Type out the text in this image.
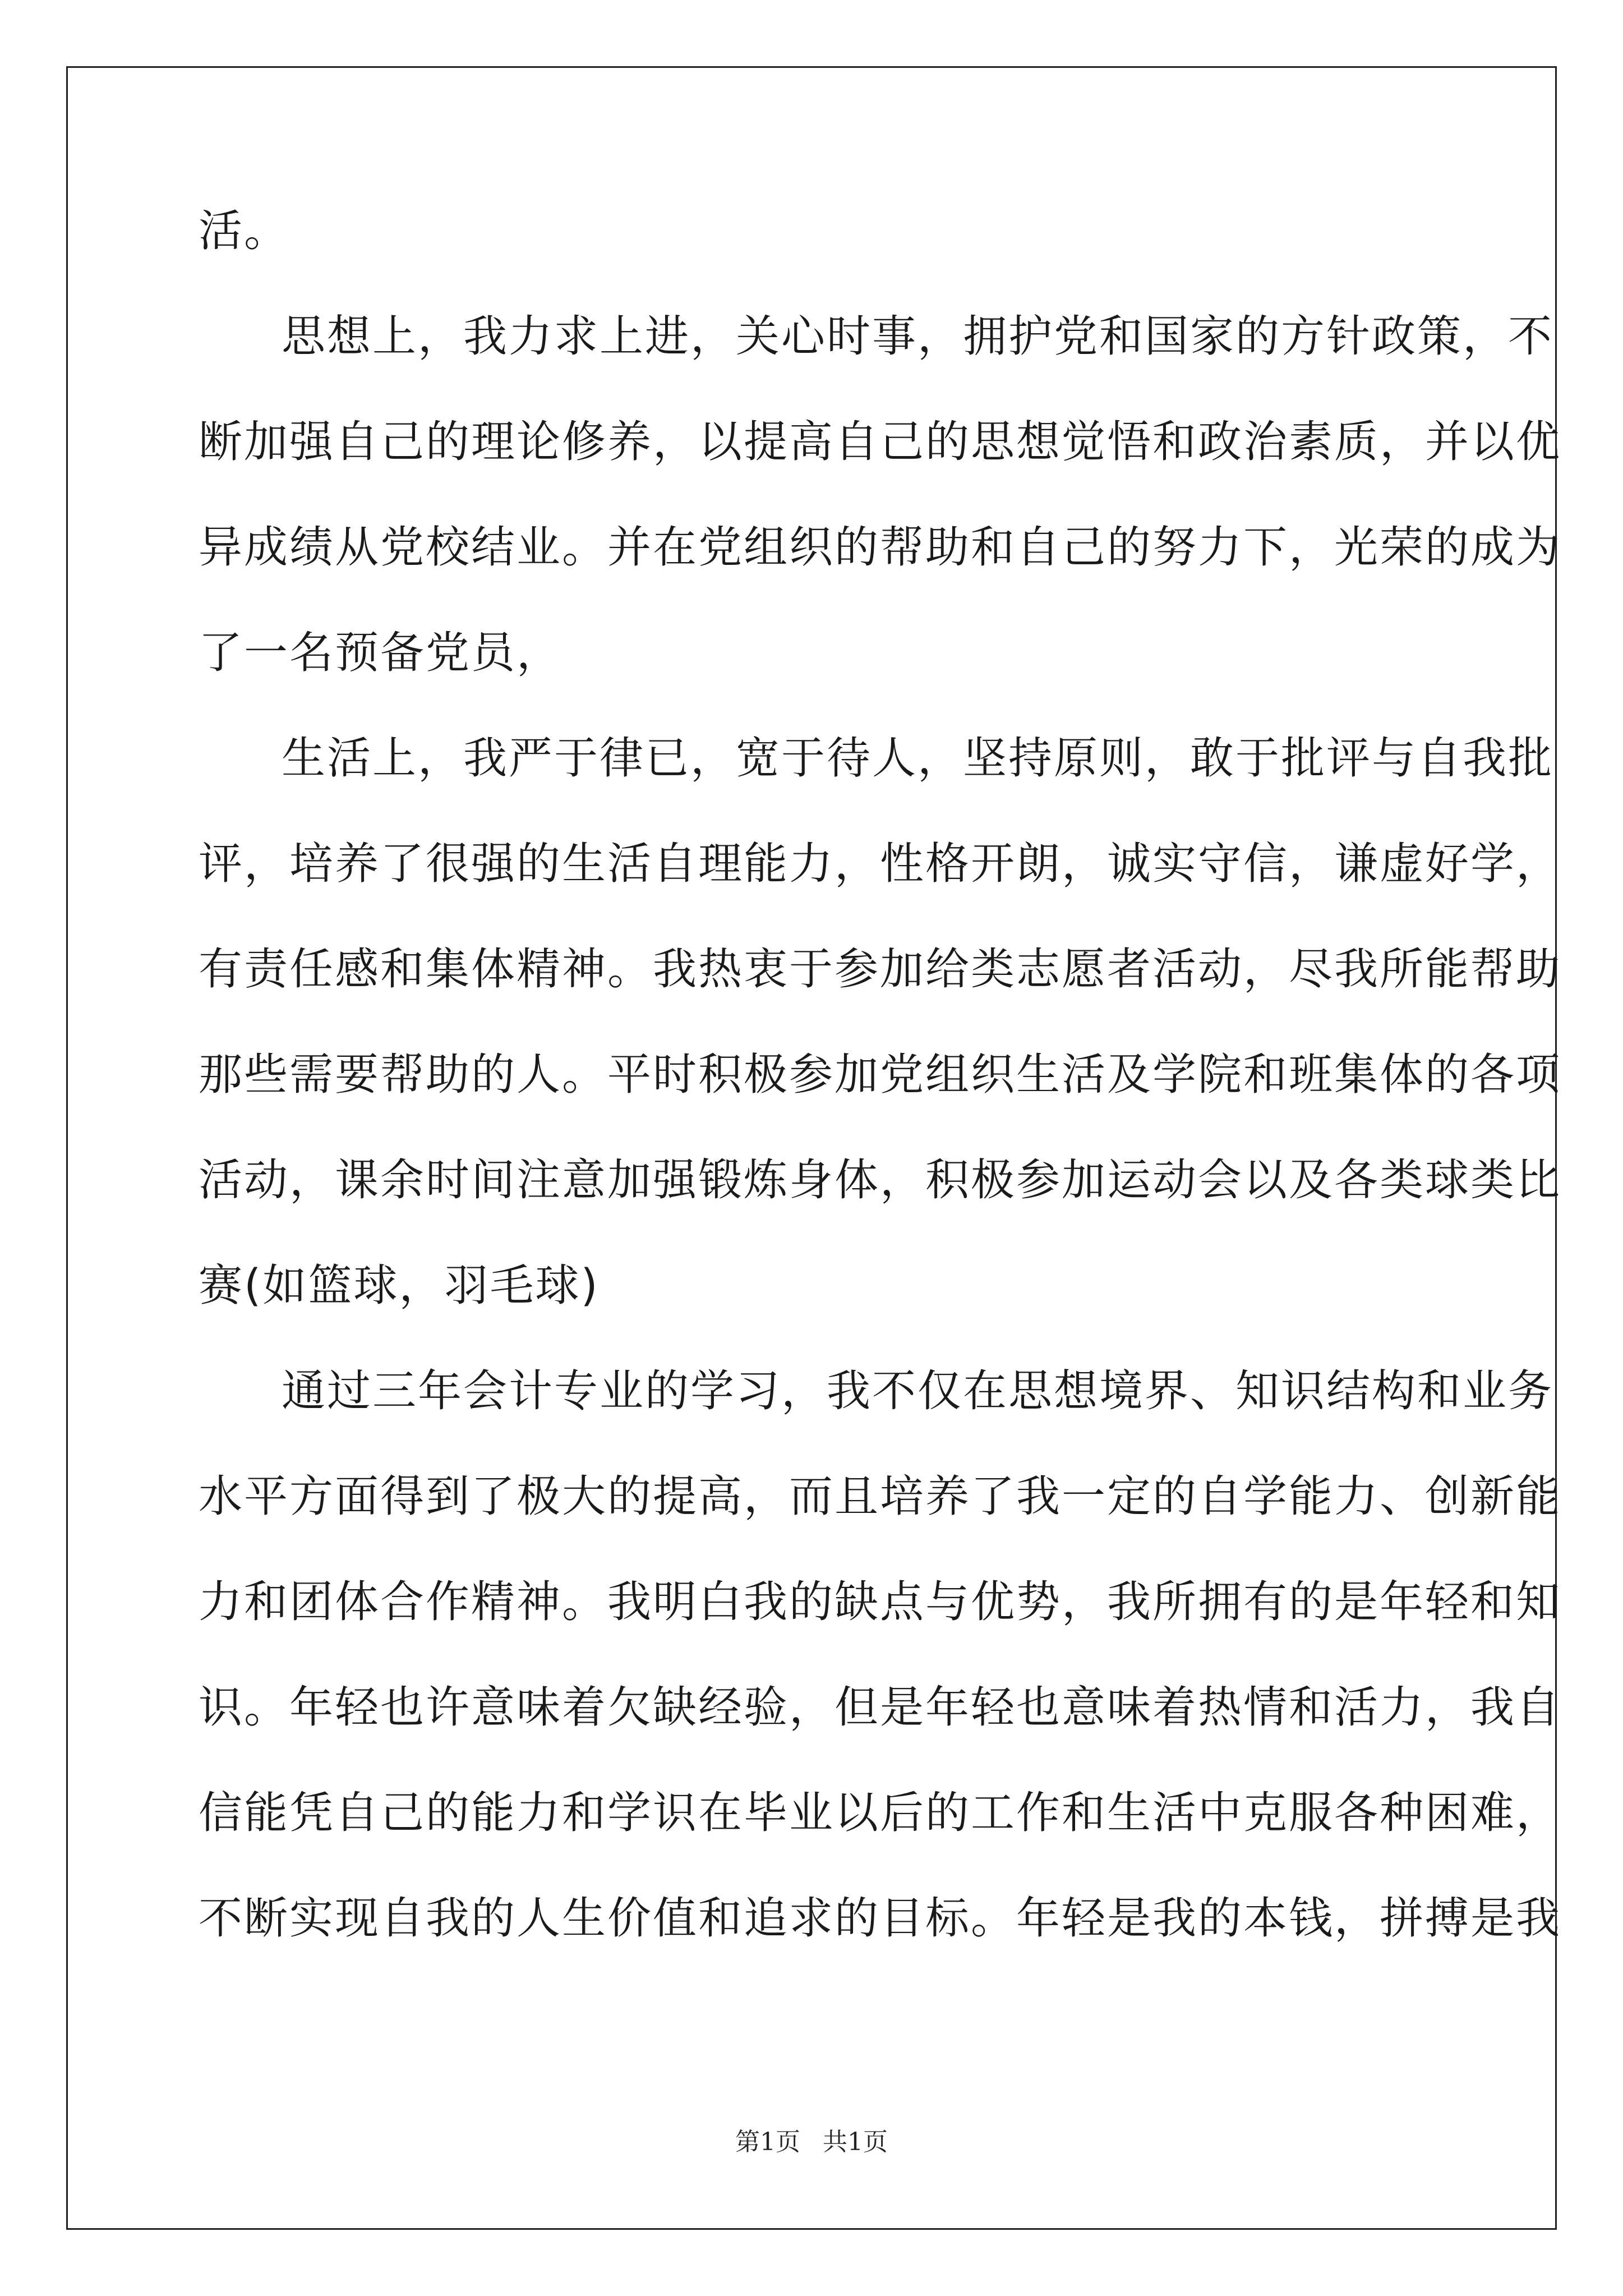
活。
思想上，我力求上进，关心时事，拥护党和国家的方针政策，不
断加强自己的理论修养，以提高自己的思想觉悟和政治素质，并以优
异成绩从党校结业。并在党组织的帮助和自己的努力下，光荣的成为
了一名预备党员，
生活上，我严于律已，宽于待人，坚持原则，敢于批评与自我批
评，培养了很强的生活自理能力，性格开朗，诚实守信，谦虚好学，
有责任感和集体精神。我热衷于参加给类志愿者活动，尽我所能帮助
那些需要帮助的人。平时积极参加党组织生活及学院和班集体的各项
活动，课余时间注意加强锻炼身体，积极参加运动会以及各类球类比
赛(如篮球，羽毛球)
通过三年会计专业的学习，我不仅在思想境界、知识结构和业务
水平方面得到了极大的提高，而且培养了我一定的自学能力、创新能
力和团体合作精神。我明白我的缺点与优势，我所拥有的是年轻和知
识。年轻也许意味着欠缺经验，但是年轻也意味着热情和活力，我自
信能凭自己的能力和学识在毕业以后的工作和生活中克服各种困难，
不断实现自我的人生价值和追求的目标。年轻是我的本钱，拼搏是我
第1页 共1页
